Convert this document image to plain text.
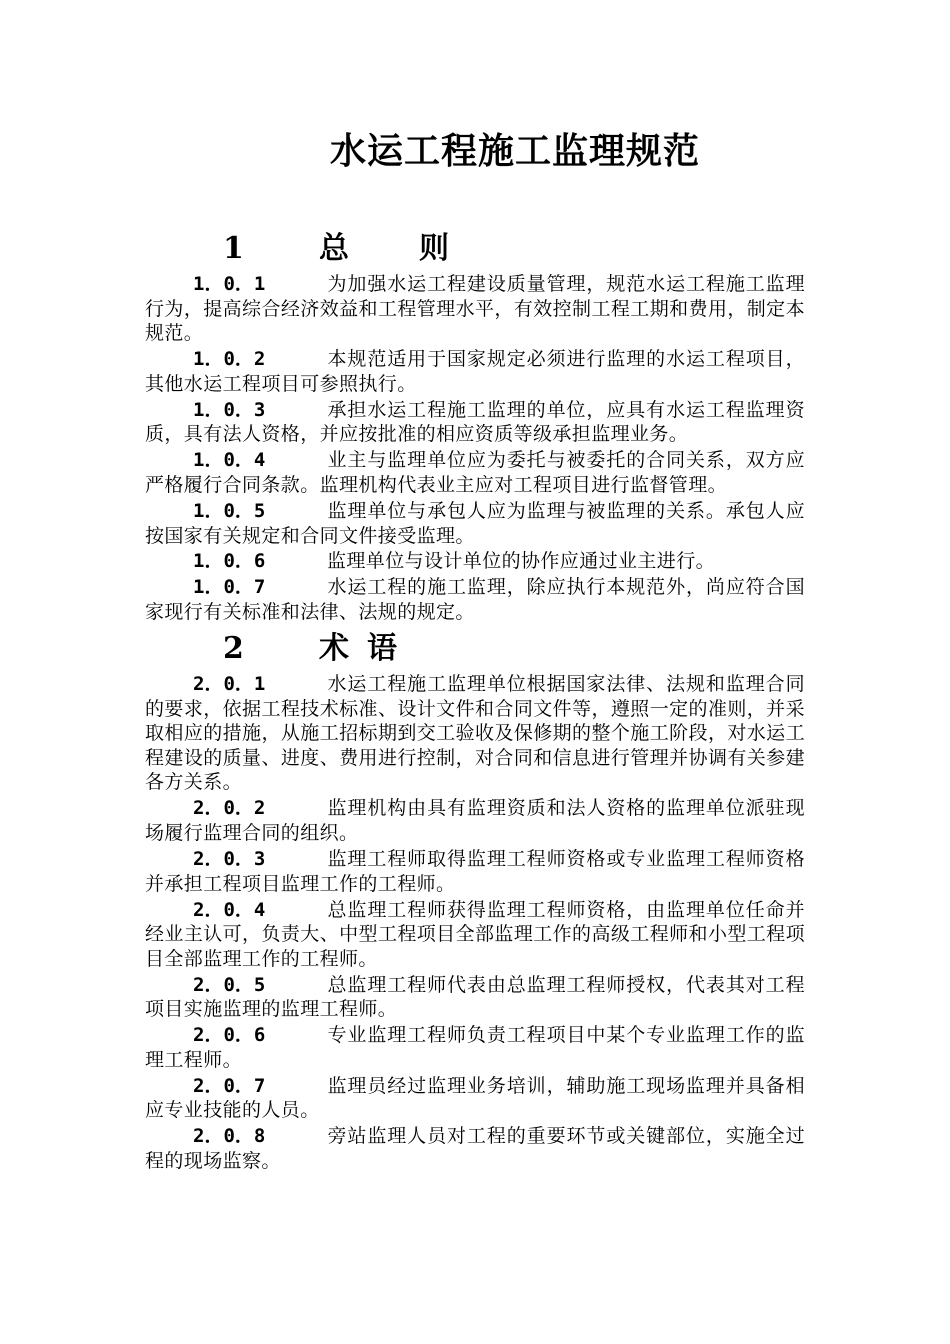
水运工程施工监理规范
1	总 则

1．0．1	为加强水运工程建设质量管理，规范水运工程施工监理行为，提高综合经济效益和工程管理水平，有效控制工程工期和费用，制定本规范。

1．0．2	本规范适用于国家规定必须进行监理的水运工程项目，其他水运工程项目可参照执行。

1．0．3	承担水运工程施工监理的单位，应具有水运工程监理资质，具有法人资格，并应按批准的相应资质等级承担监理业务。

1．0．4	业主与监理单位应为委托与被委托的合同关系，双方应严格履行合同条款。监理机构代表业主应对工程项目进行监督管理。

1．0．5	监理单位与承包人应为监理与被监理的关系。承包人应按国家有关规定和合同文件接受监理。

1．0．6	监理单位与设计单位的协作应通过业主进行。

1．0．7	水运工程的施工监理，除应执行本规范外，尚应符合国家现行有关标准和法律、法规的规定。

2	术 语

2．0．1	水运工程施工监理单位根据国家法律、法规和监理合同的要求，依据工程技术标准、设计文件和合同文件等，遵照一定的准则，并采取相应的措施，从施工招标期到交工验收及保修期的整个施工阶段，对水运工程建设的质量、进度、费用进行控制，对合同和信息进行管理并协调有关参建各方关系。

2．0．2	监理机构由具有监理资质和法人资格的监理单位派驻现场履行监理合同的组织。

2．0．3	监理工程师取得监理工程师资格或专业监理工程师资格并承担工程项目监理工作的工程师。

2．0．4	总监理工程师获得监理工程师资格，由监理单位任命并经业主认可，负责大、中型工程项目全部监理工作的高级工程师和小型工程项目全部监理工作的工程师。

2．0．5	总监理工程师代表由总监理工程师授权，代表其对工程项目实施监理的监理工程师。

2．0．6	专业监理工程师负责工程项目中某个专业监理工作的监理工程师。

2．0．7	监理员经过监理业务培训，辅助施工现场监理并具备相应专业技能的人员。

2．0．8	旁站监理人员对工程的重要环节或关键部位，实施全过程的现场监察。
